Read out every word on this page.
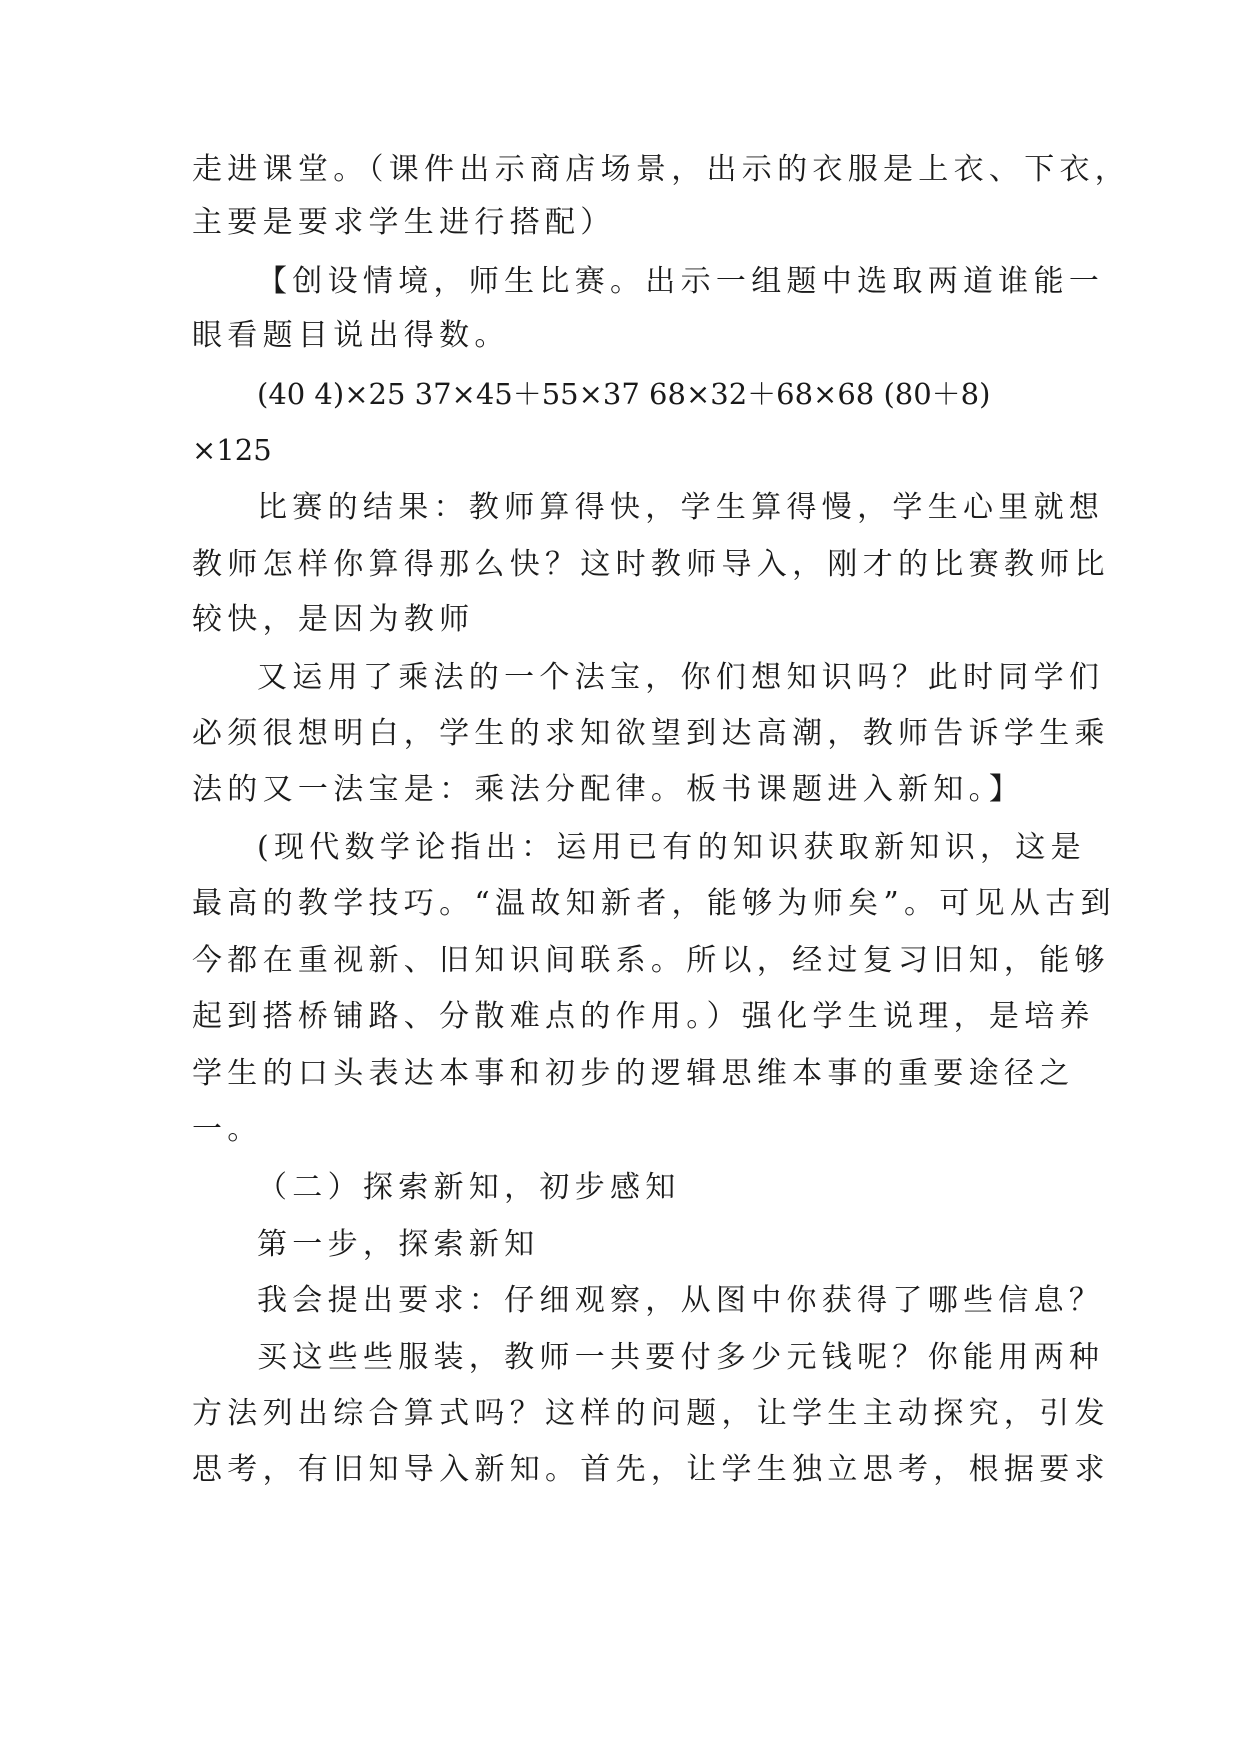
走进课堂。（课件出示商店场景，出示的衣服是上衣、下衣，

主要是要求学生进行搭配）

【创设情境，师生比赛。出示一组题中选取两道谁能一

眼看题目说出得数。

(40 4)×25 37×45＋55×37 68×32＋68×68 (80＋8)

×125

比赛的结果：教师算得快，学生算得慢，学生心里就想

教师怎样你算得那么快？这时教师导入，刚才的比赛教师比

较快，是因为教师

又运用了乘法的一个法宝，你们想知识吗？此时同学们

必须很想明白，学生的求知欲望到达高潮，教师告诉学生乘

法的又一法宝是：乘法分配律。板书课题进入新知。】

(现代数学论指出：运用已有的知识获取新知识，这是

最高的教学技巧。“温故知新者，能够为师矣”。可见从古到

今都在重视新、旧知识间联系。所以，经过复习旧知，能够

起到搭桥铺路、分散难点的作用。）强化学生说理，是培养

学生的口头表达本事和初步的逻辑思维本事的重要途径之

一。

（二）探索新知，初步感知

第一步，探索新知

我会提出要求：仔细观察，从图中你获得了哪些信息？

买这些些服装，教师一共要付多少元钱呢？你能用两种

方法列出综合算式吗？这样的问题，让学生主动探究，引发

思考，有旧知导入新知。首先，让学生独立思考，根据要求
